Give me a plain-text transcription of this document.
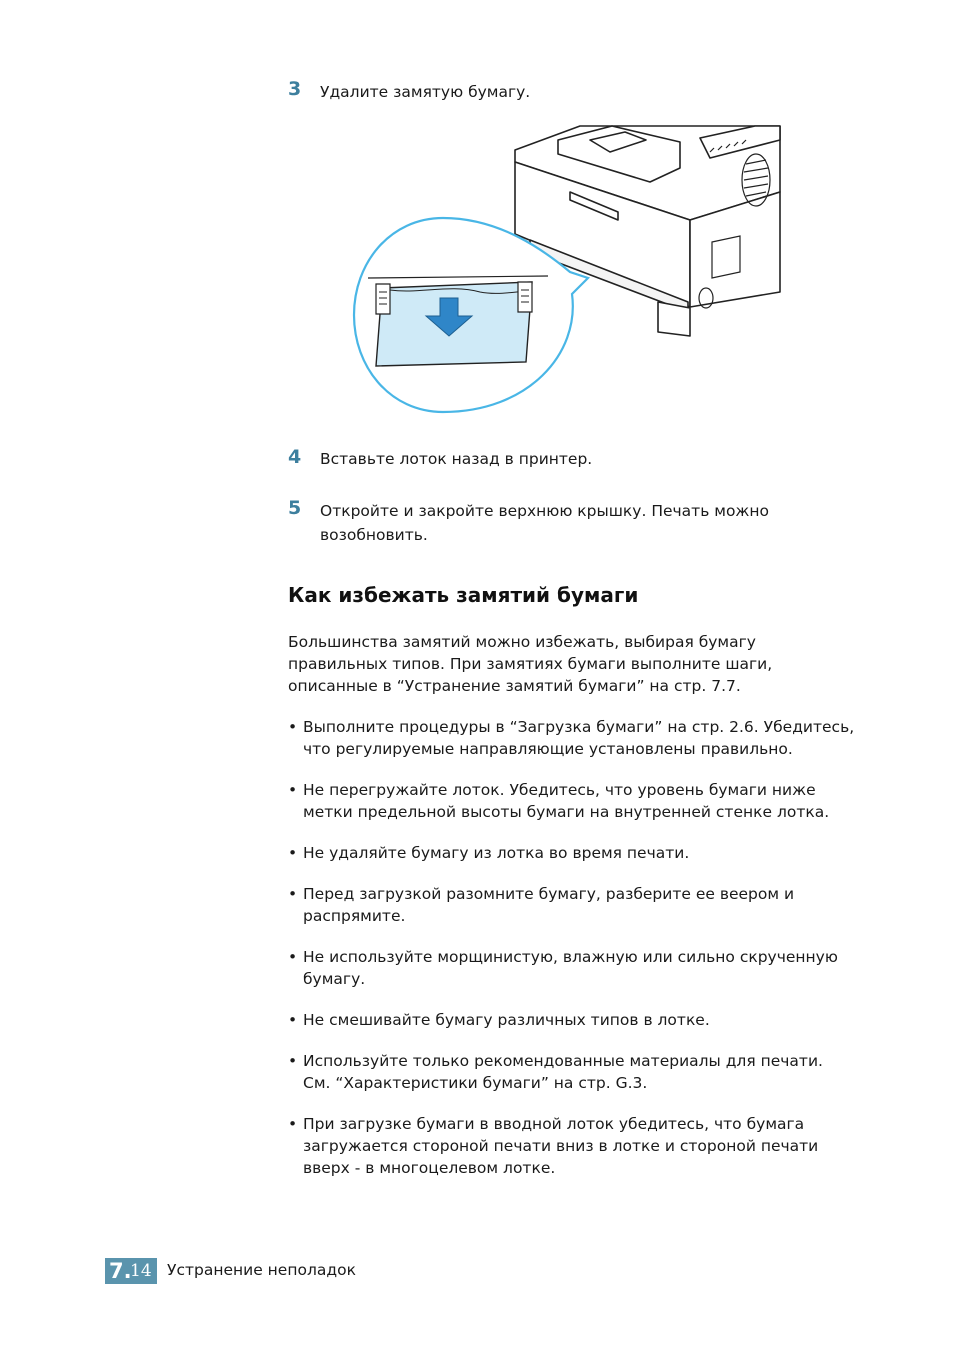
3 Удалите замятую бумагу.
4 Вставьте лоток назад в принтер.
5 Откройте и закройте верхнюю крышку. Печать можно
возобновить.
Как избежать замятий бумаги
Большинства замятий можно избежать, выбирая бумагу
правильных типов. При замятиях бумаги выполните шаги,
описанные в “Устранение замятий бумаги” на стр. 7.7.
• Выполните процедуры в “Загрузка бумаги” на стр. 2.6. Убедитесь,
что регулируемые направляющие установлены правильно.
• Не перегружайте лоток. Убедитесь, что уровень бумаги ниже
метки предельной высоты бумаги на внутренней стенке лотка.
• Не удаляйте бумагу из лотка во время печати.
• Перед загрузкой разомните бумагу, разберите ее веером и
распрямите.
• Не используйте морщинистую, влажную или сильно скрученную
бумагу.
• Не смешивайте бумагу различных типов в лотке.
• Используйте только рекомендованные материалы для печати.
См. “Характеристики бумаги” на стр. G.3.
• При загрузке бумаги в вводной лоток убедитесь, что бумага
загружается стороной печати вниз в лотке и стороной печати
вверх - в многоцелевом лотке.
7.
14 Устранение неполадок
